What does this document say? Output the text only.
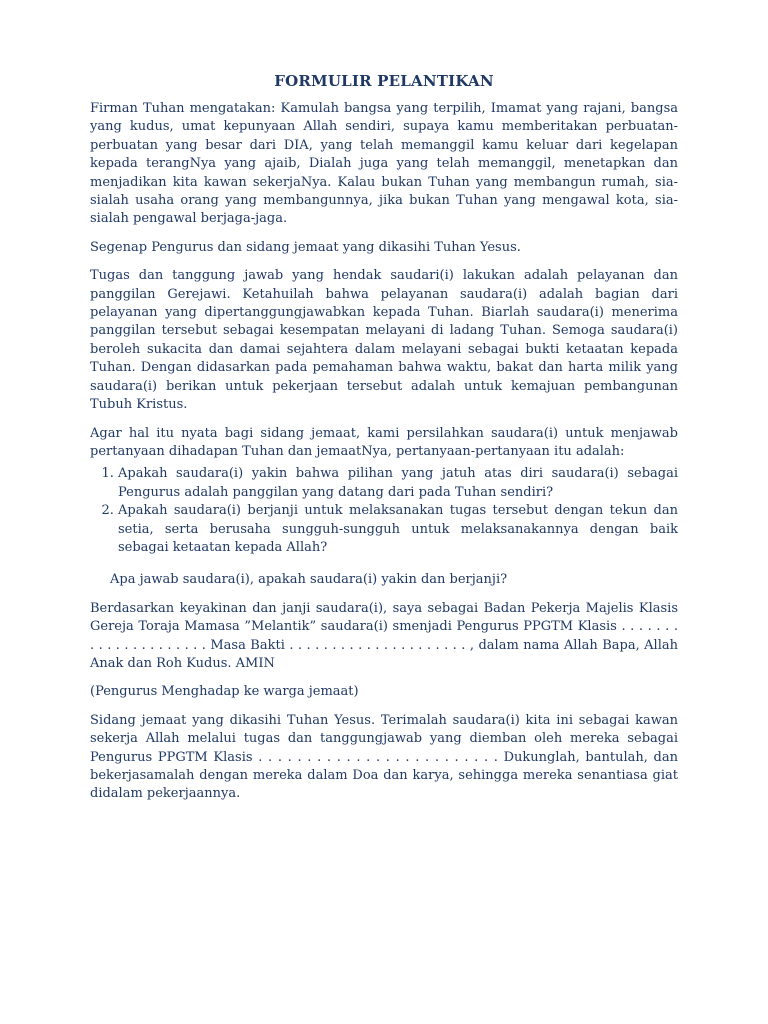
FORMULIR PELANTIKAN

Firman Tuhan mengatakan: Kamulah bangsa yang terpilih, Imamat yang rajani, bangsa yang kudus, umat kepunyaan Allah sendiri, supaya kamu memberitakan perbuatan-perbuatan yang besar dari DIA, yang telah memanggil kamu keluar dari kegelapan kepada terangNya yang ajaib, Dialah juga yang telah memanggil, menetapkan dan menjadikan kita kawan sekerjaNya. Kalau bukan Tuhan yang membangun rumah, sia-sialah usaha orang yang membangunnya, jika bukan Tuhan yang mengawal kota, sia-sialah pengawal berjaga-jaga.

Segenap Pengurus dan sidang jemaat yang dikasihi Tuhan Yesus.

Tugas dan tanggung jawab yang hendak saudari(i) lakukan adalah pelayanan dan panggilan Gerejawi. Ketahuilah bahwa pelayanan saudara(i) adalah bagian dari pelayanan yang dipertanggungjawabkan kepada Tuhan. Biarlah saudara(i) menerima panggilan tersebut sebagai kesempatan melayani di ladang Tuhan. Semoga saudara(i) beroleh sukacita dan damai sejahtera dalam melayani sebagai bukti ketaatan kepada Tuhan. Dengan didasarkan pada pemahaman bahwa waktu, bakat dan harta milik yang saudara(i) berikan untuk pekerjaan tersebut adalah untuk kemajuan pembangunan Tubuh Kristus.

Agar hal itu nyata bagi sidang jemaat, kami persilahkan saudara(i) untuk menjawab pertanyaan dihadapan Tuhan dan jemaatNya, pertanyaan-pertanyaan itu adalah:

1. Apakah saudara(i) yakin bahwa pilihan yang jatuh atas diri saudara(i) sebagai Pengurus adalah panggilan yang datang dari pada Tuhan sendiri?
2. Apakah saudara(i) berjanji untuk melaksanakan tugas tersebut dengan tekun dan setia, serta berusaha sungguh-sungguh untuk melaksanakannya dengan baik sebagai ketaatan kepada Allah?

Apa jawab saudara(i), apakah saudara(i) yakin dan berjanji?

Berdasarkan keyakinan dan janji saudara(i), saya sebagai Badan Pekerja Majelis Klasis Gereja Toraja Mamasa ”Melantik” saudara(i) smenjadi Pengurus PPGTM Klasis . . . . . . . . . . . . . . . . . . . . . Masa Bakti . . . . . . . . . . . . . . . . . . . . . , dalam nama Allah Bapa, Allah Anak dan Roh Kudus. AMIN

(Pengurus Menghadap ke warga jemaat)

Sidang jemaat yang dikasihi Tuhan Yesus. Terimalah saudara(i) kita ini sebagai kawan sekerja Allah melalui tugas dan tanggungjawab yang diemban oleh mereka sebagai Pengurus PPGTM Klasis . . . . . . . . . . . . . . . . . . . . . . . . . Dukunglah, bantulah, dan bekerjasamalah dengan mereka dalam Doa dan karya, sehingga mereka senantiasa giat didalam pekerjaannya.
